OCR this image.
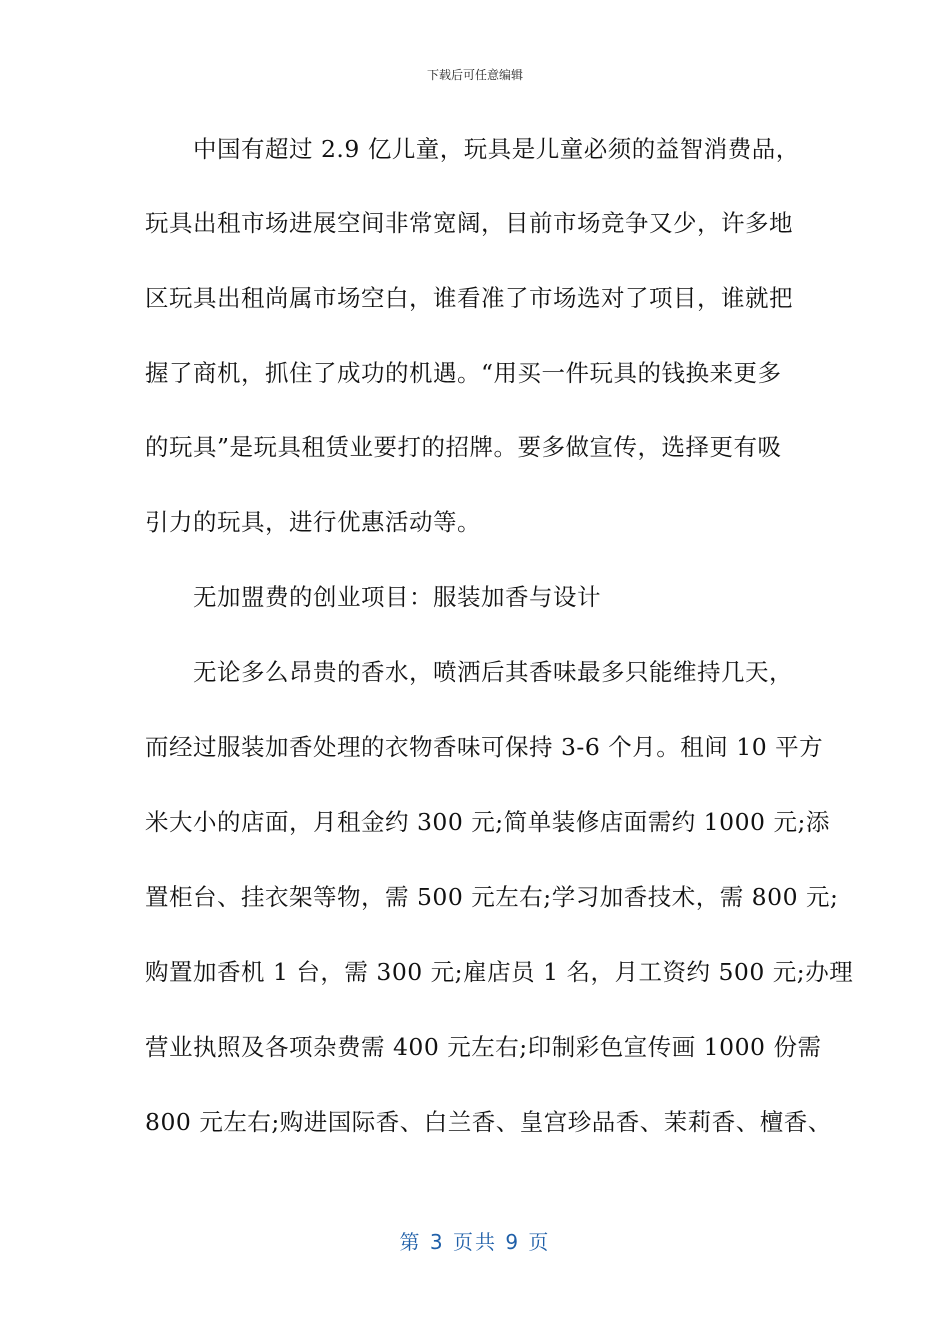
下载后可任意编辑
　　中国有超过 2.9 亿儿童，玩具是儿童必须的益智消费品，
玩具出租市场进展空间非常宽阔，目前市场竞争又少，许多地
区玩具出租尚属市场空白，谁看准了市场选对了项目，谁就把
握了商机，抓住了成功的机遇。“用买一件玩具的钱换来更多
的玩具”是玩具租赁业要打的招牌。要多做宣传，选择更有吸
引力的玩具，进行优惠活动等。
　　无加盟费的创业项目：服装加香与设计
　　无论多么昂贵的香水，喷洒后其香味最多只能维持几天，
而经过服装加香处理的衣物香味可保持 3-6 个月。租间 10 平方
米大小的店面，月租金约 300 元;简单装修店面需约 1000 元;添
置柜台、挂衣架等物，需 500 元左右;学习加香技术，需 800 元;
购置加香机 1 台，需 300 元;雇店员 1 名，月工资约 500 元;办理
营业执照及各项杂费需 400 元左右;印制彩色宣传画 1000 份需
800 元左右;购进国际香、白兰香、皇宫珍品香、茉莉香、檀香、
第 3 页共 9 页
